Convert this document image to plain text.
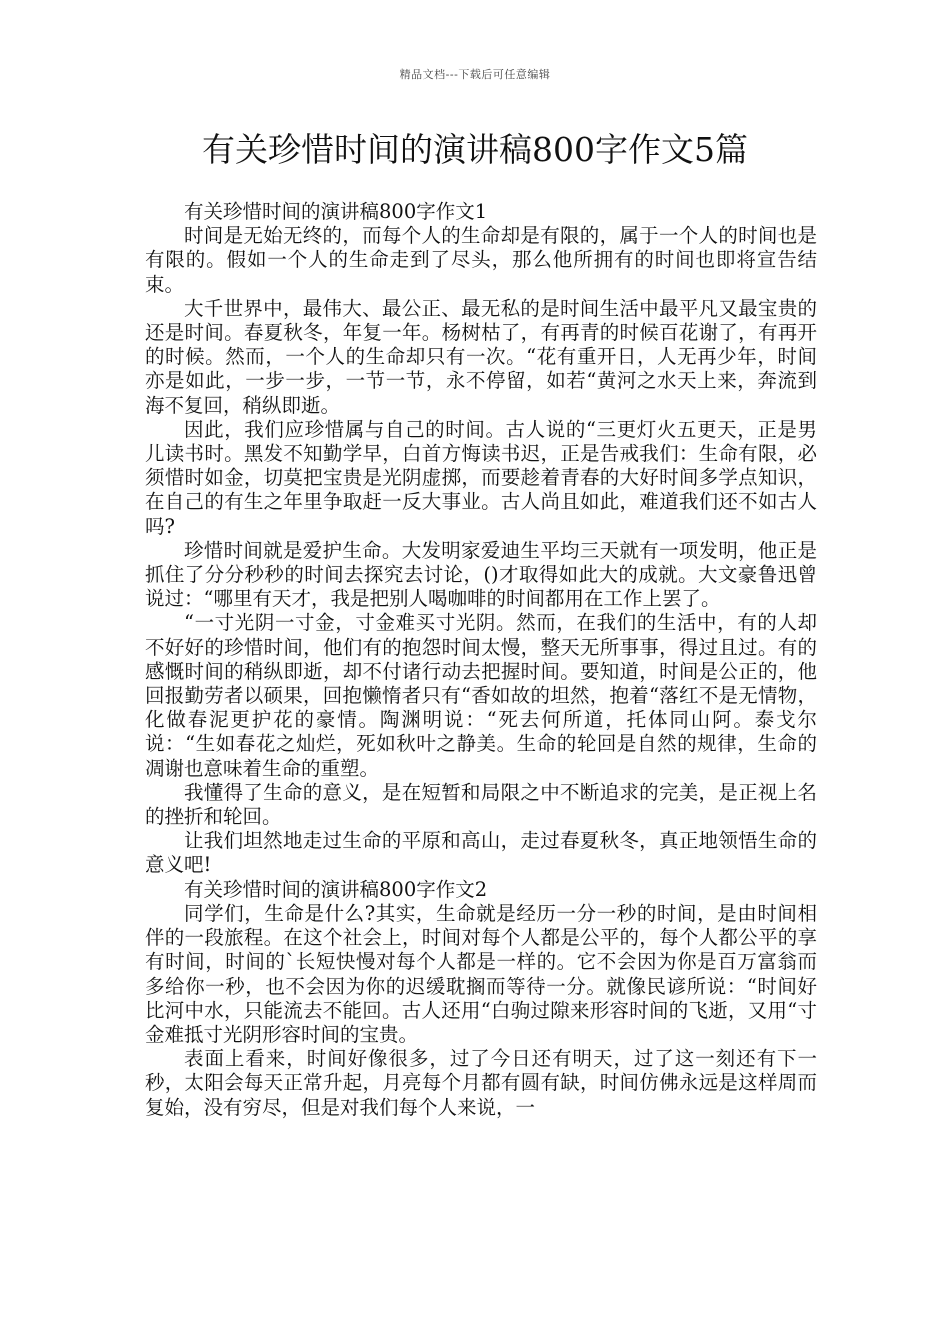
精品文档---下载后可任意编辑
有关珍惜时间的演讲稿800字作文5篇

有关珍惜时间的演讲稿800字作文1

时间是无始无终的，而每个人的生命却是有限的，属于一个人的时间也是有限的。假如一个人的生命走到了尽头，那么他所拥有的时间也即将宣告结束。

大千世界中，最伟大、最公正、最无私的是时间生活中最平凡又最宝贵的还是时间。春夏秋冬，年复一年。杨树枯了，有再青的时候百花谢了，有再开的时候。然而，一个人的生命却只有一次。“花有重开日，人无再少年，时间亦是如此，一步一步，一节一节，永不停留，如若“黄河之水天上来，奔流到海不复回，稍纵即逝。

因此，我们应珍惜属与自己的时间。古人说的“三更灯火五更天，正是男儿读书时。黑发不知勤学早，白首方悔读书迟，正是告戒我们：生命有限，必须惜时如金，切莫把宝贵是光阴虚掷，而要趁着青春的大好时间多学点知识，在自己的有生之年里争取赶一反大事业。古人尚且如此，难道我们还不如古人吗?

珍惜时间就是爱护生命。大发明家爱迪生平均三天就有一项发明，他正是抓住了分分秒秒的时间去探究去讨论，()才取得如此大的成就。大文豪鲁迅曾说过：“哪里有天才，我是把别人喝咖啡的时间都用在工作上罢了。

“一寸光阴一寸金，寸金难买寸光阴。然而，在我们的生活中，有的人却不好好的珍惜时间，他们有的抱怨时间太慢，整天无所事事，得过且过。有的感慨时间的稍纵即逝，却不付诸行动去把握时间。要知道，时间是公正的，他回报勤劳者以硕果，回抱懒惰者只有“香如故的坦然，抱着“落红不是无情物，化做春泥更护花的豪情。陶渊明说：“死去何所道，托体同山阿。泰戈尔说：“生如春花之灿烂，死如秋叶之静美。生命的轮回是自然的规律，生命的凋谢也意味着生命的重塑。

我懂得了生命的意义，是在短暂和局限之中不断追求的完美，是正视上名的挫折和轮回。

让我们坦然地走过生命的平原和高山，走过春夏秋冬，真正地领悟生命的意义吧!

有关珍惜时间的演讲稿800字作文2

同学们，生命是什么?其实，生命就是经历一分一秒的时间，是由时间相伴的一段旅程。在这个社会上，时间对每个人都是公平的，每个人都公平的享有时间，时间的`长短快慢对每个人都是一样的。它不会因为你是百万富翁而多给你一秒，也不会因为你的迟缓耽搁而等待一分。就像民谚所说：“时间好比河中水，只能流去不能回。古人还用“白驹过隙来形容时间的飞逝，又用“寸金难抵寸光阴形容时间的宝贵。

表面上看来，时间好像很多，过了今日还有明天，过了这一刻还有下一秒，太阳会每天正常升起，月亮每个月都有圆有缺，时间仿佛永远是这样周而复始，没有穷尽，但是对我们每个人来说，一
